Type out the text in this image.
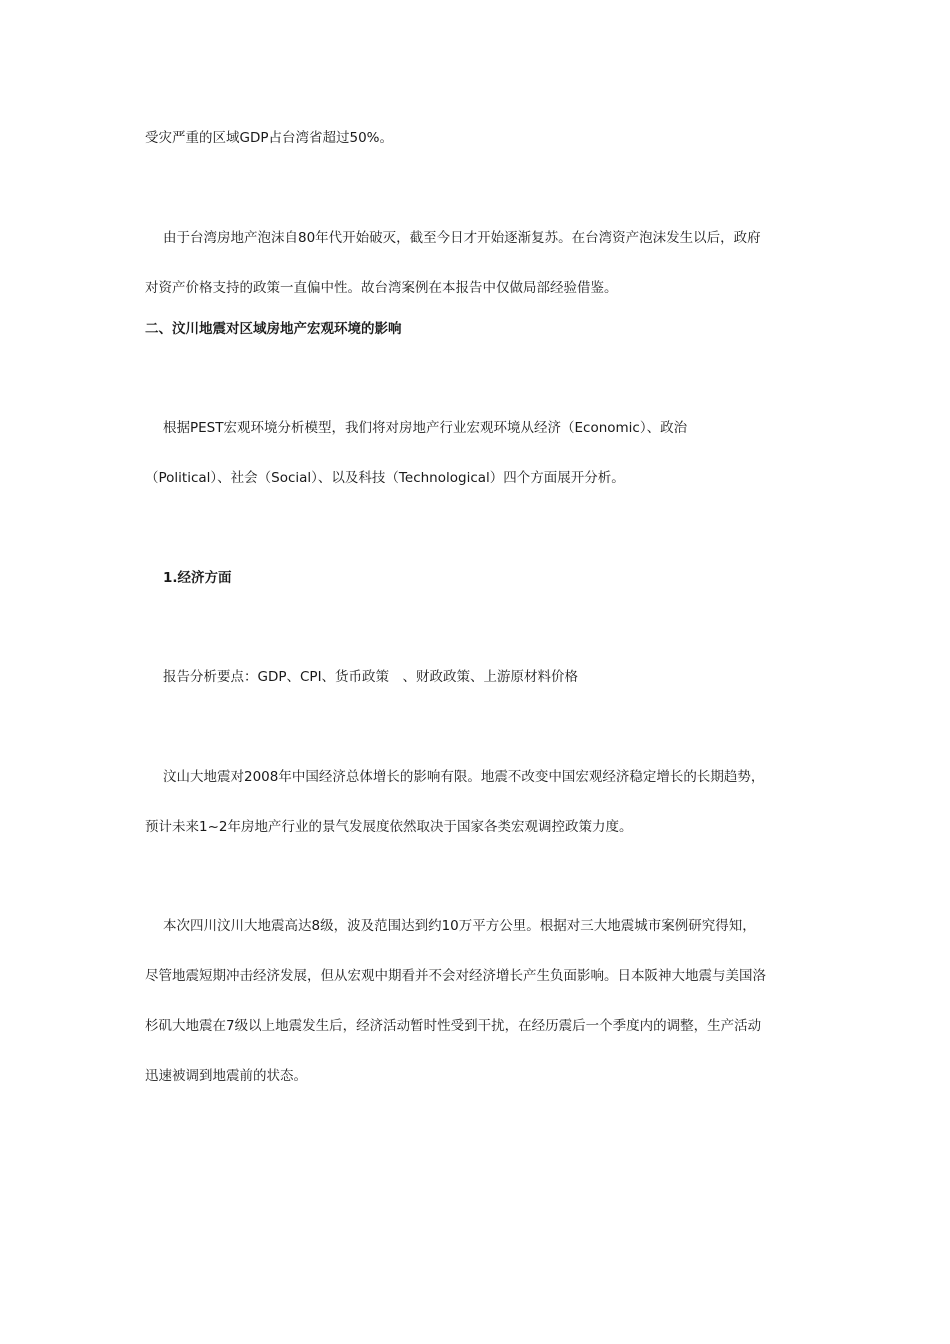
受灾严重的区域GDP占台湾省超过50%。
由于台湾房地产泡沫自80年代开始破灭，截至今日才开始逐渐复苏。在台湾资产泡沫发生以后，政府
对资产价格支持的政策一直偏中性。故台湾案例在本报告中仅做局部经验借鉴。
二、汶川地震对区域房地产宏观环境的影响
根据PEST宏观环境分析模型，我们将对房地产行业宏观环境从经济（Economic）、政治
（Political）、社会（Social）、以及科技（Technological）四个方面展开分析。
1.经济方面
报告分析要点：GDP、CPI、货币政策　、财政政策、上游原材料价格
汶山大地震对2008年中国经济总体增长的影响有限。地震不改变中国宏观经济稳定增长的长期趋势，
预计未来1~2年房地产行业的景气发展度依然取决于国家各类宏观调控政策力度。
本次四川汶川大地震高达8级，波及范围达到约10万平方公里。根据对三大地震城市案例研究得知，
尽管地震短期冲击经济发展，但从宏观中期看并不会对经济增长产生负面影响。日本阪神大地震与美国洛
杉矶大地震在7级以上地震发生后，经济活动暂时性受到干扰，在经历震后一个季度内的调整，生产活动
迅速被调到地震前的状态。
